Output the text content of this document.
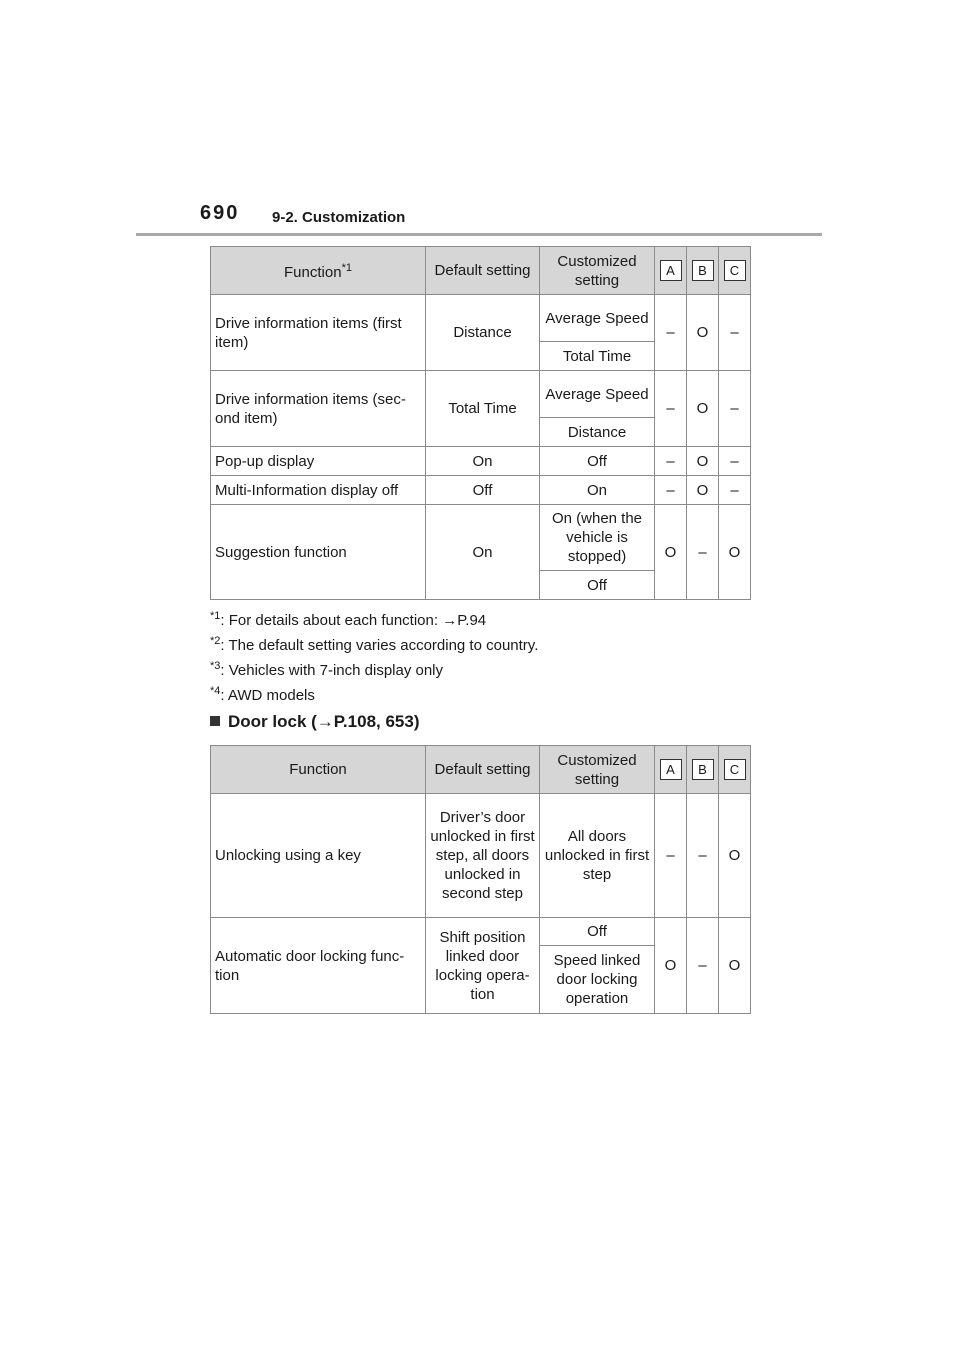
690 9-2. Customization
Function$^{*1}$	Default setting	Customized setting	A	B	C
Drive information items (first item)	Distance	Average Speed	–	O	–
		Total Time			
Drive information items (sec-ond item)	Total Time	Average Speed	–	O	–
		Distance			
Pop-up display	On	Off	–	O	–
Multi-Information display off	Off	On	–	O	–
Suggestion function	On	On (when the vehicle is stopped)	O	–	O
		Off			
$^{*1}$: For details about each function: →P.94
$^{*2}$: The default setting varies according to country.
$^{*3}$: Vehicles with 7-inch display only
$^{*4}$: AWD models
Door lock (→P.108, 653)
Function	Default setting	Customized setting	A	B	C
Unlocking using a key	Driver’s door unlocked in first step, all doors unlocked in second step	All doors unlocked in first step	–	–	O
Automatic door locking func-tion	Shift position linked door locking opera-tion	Off	O	–	O
		Speed linked door locking operation			
